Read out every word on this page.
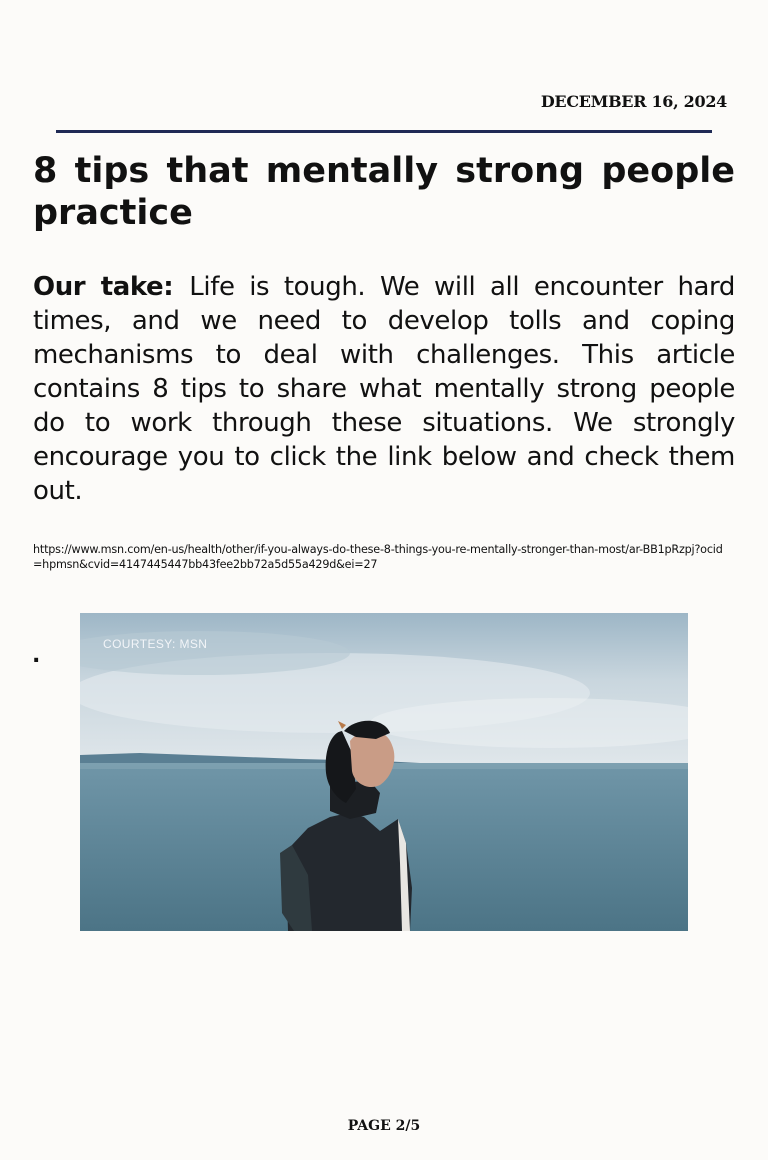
DECEMBER 16, 2024
8 tips that mentally strong people practice

Our take: Life is tough. We will all encounter hard times, and we need to develop tolls and coping mechanisms to deal with challenges. This article contains 8 tips to share what mentally strong people do to work through these situations. We strongly encourage you to click the link below and check them out.

https://www.msn.com/en-us/health/other/if-you-always-do-these-8-things-you-re-mentally-stronger-than-most/ar-BB1pRzpj?ocid=hpmsn&cvid=4147445447bb43fee2bb72a5d55a429d&ei=27
.	COURTESY: MSN
PAGE 2/5
